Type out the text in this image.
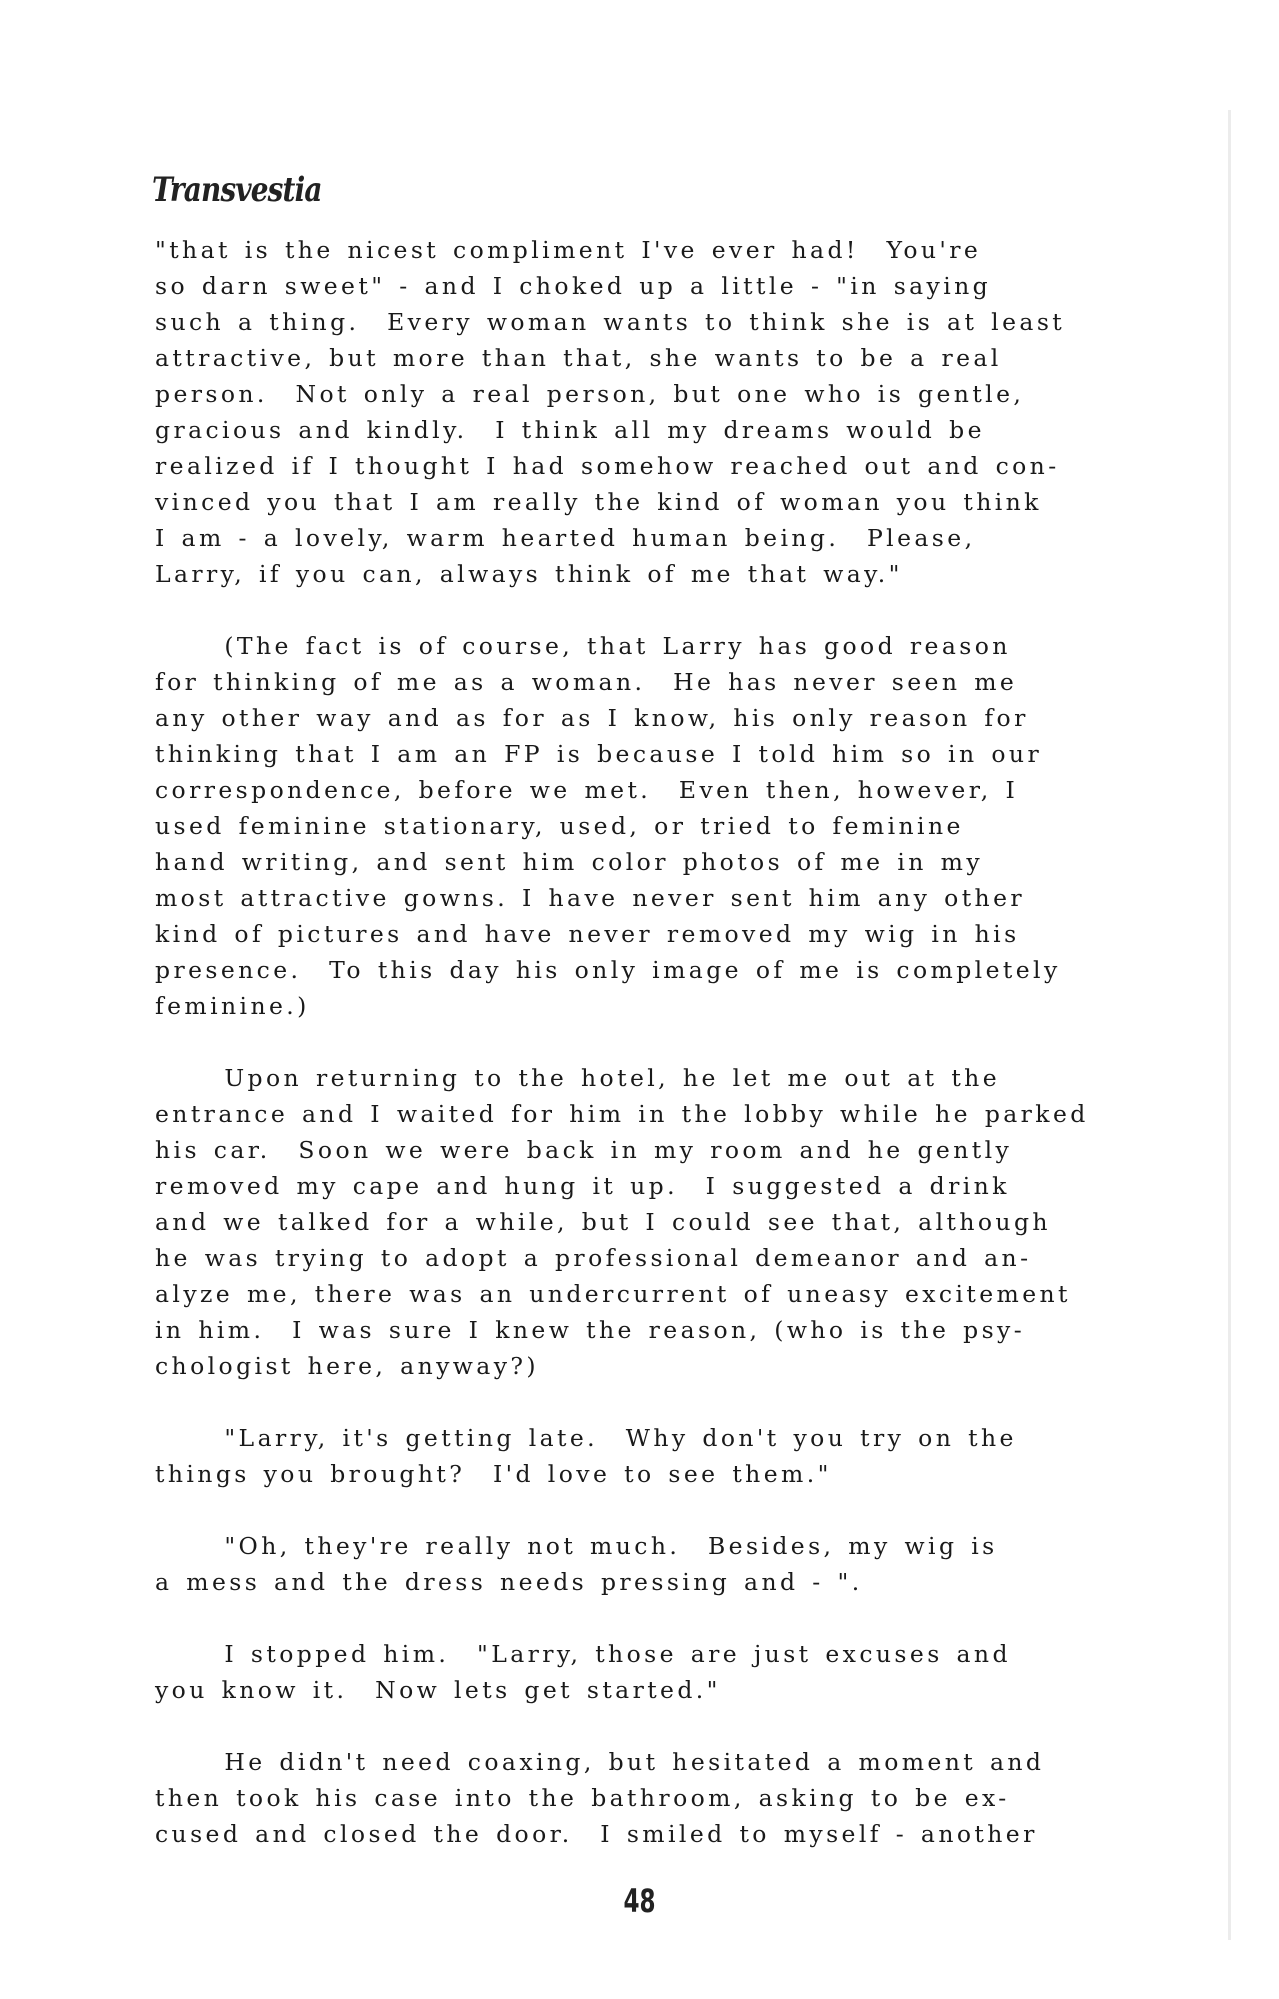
Transvestia
"that is the nicest compliment I've ever had!  You're
so darn sweet" - and I choked up a little - "in saying
such a thing.  Every woman wants to think she is at least
attractive, but more than that, she wants to be a real
person.  Not only a real person, but one who is gentle,
gracious and kindly.  I think all my dreams would be
realized if I thought I had somehow reached out and con-
vinced you that I am really the kind of woman you think
I am - a lovely, warm hearted human being.  Please,
Larry, if you can, always think of me that way."
(The fact is of course, that Larry has good reason
for thinking of me as a woman.  He has never seen me
any other way and as for as I know, his only reason for
thinking that I am an FP is because I told him so in our
correspondence, before we met.  Even then, however, I
used feminine stationary, used, or tried to feminine
hand writing, and sent him color photos of me in my
most attractive gowns. I have never sent him any other
kind of pictures and have never removed my wig in his
presence.  To this day his only image of me is completely
feminine.)
Upon returning to the hotel, he let me out at the
entrance and I waited for him in the lobby while he parked
his car.  Soon we were back in my room and he gently
removed my cape and hung it up.  I suggested a drink
and we talked for a while, but I could see that, although
he was trying to adopt a professional demeanor and an-
alyze me, there was an undercurrent of uneasy excitement
in him.  I was sure I knew the reason, (who is the psy-
chologist here, anyway?)
"Larry, it's getting late.  Why don't you try on the
things you brought?  I'd love to see them."
"Oh, they're really not much.  Besides, my wig is
a mess and the dress needs pressing and - ".
I stopped him.  "Larry, those are just excuses and
you know it.  Now lets get started."
He didn't need coaxing, but hesitated a moment and
then took his case into the bathroom, asking to be ex-
cused and closed the door.  I smiled to myself - another
48
